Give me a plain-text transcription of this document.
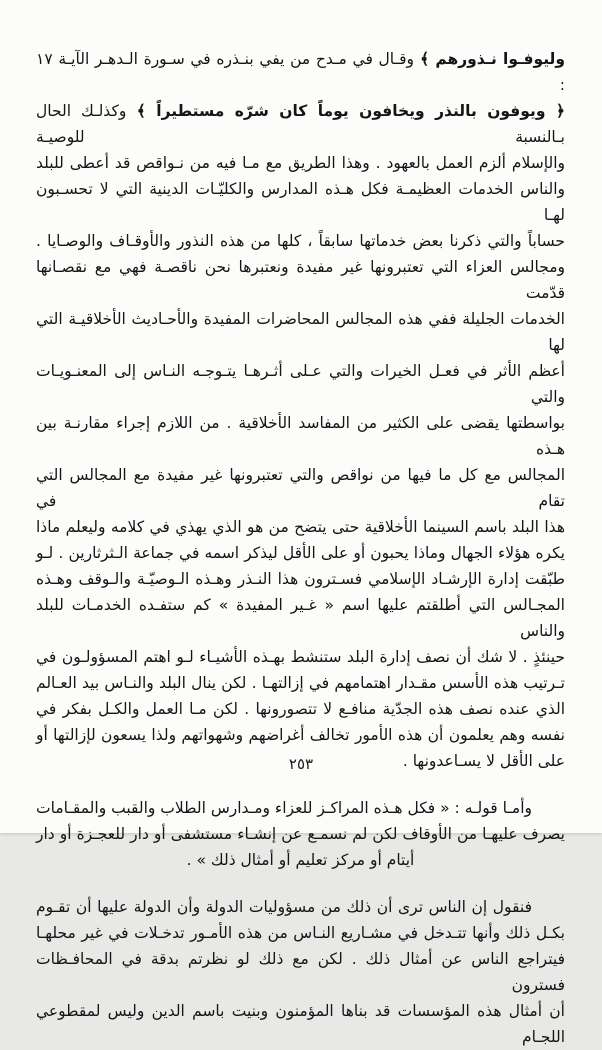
وليوفـوا نـذورهم ﴾ وقـال في مـدح من يفي بنـذره في سـورة الـدهـر الآيـة ١٧ :
﴿ ويوفون بالنذر ويخافون يوماً كان شرّه مستطيراً ﴾ وكذلـك الحال بـالنسبة للوصيـة
والإسلام ألزم العمل بالعهود . وهذا الطريق مع مـا فيه من نـواقص قد أعطى للبلد
والناس الخدمات العظيمـة فكل هـذه المدارس والكليّـات الدينية التي لا تحسـبون لهـا
حساباً والتي ذكرنا بعض خدماتها سابقاً ، كلها من هذه النذور والأوقـاف والوصـايا .
ومجالس العزاء التي تعتبرونها غير مفيدة ونعتبرها نحن ناقصـة فهي مع نقصـانها قدّمت
الخدمات الجليلة ففي هذه المجالس المحاضرات المفيدة والأحـاديث الأخلاقيـة التي لها
أعظم الأثر في فعـل الخيرات والتي عـلى أثـرهـا يتـوجـه النـاس إلى المعنـويـات والتي
بواسطتها يقضى على الكثير من المفاسد الأخلاقية . من اللازم إجراء مقارنـة بين هـذه
المجالس مع كل ما فيها من نواقص والتي تعتبرونها غير مفيدة مع المجالس التي تقام في
هذا البلد باسم السينما الأخلاقية حتى يتضح من هو الذي يهذي في كلامه وليعلم ماذا
يكره هؤلاء الجهال وماذا يحبون أو على الأقل ليذكر اسمه في جماعة الـثرثارين . لـو
طبّقت إدارة الإرشـاد الإسلامي فسـترون هذا النـذر وهـذه الـوصيّـة والـوقف وهـذه
المجـالس التي أطلقتم عليها اسم « غـير المفيدة » كم ستفـده الخدمـات للبلد والناس
حينئذٍ . لا شك أن نصف إدارة البلد ستنشط بهـذه الأشيـاء لـو اهتم المسؤولـون في
تـرتيب هذه الأسس مقـدار اهتمامهم في إزالتهـا . لكن ينال البلد والنـاس بيد العـالم
الذي عنده نصف هذه الجدّية منافـع لا تتصورونها . لكن مـا العمل والكـل بفكر في
نفسه وهم يعلمون أن هذه الأمور تخالف أغراضهم وشهواتهم ولذا يسعون لإزالتها أو
على الأقل لا يسـاعدونها .
وأمـا قولـه : « فكل هـذه المراكـز للعزاء ومـدارس الطلاب والقبب والمقـامات
يصرف عليهـا من الأوقاف لكن لم نسمـع عن إنشـاء مستشفى أو دار للعجـزة أو دار
أيتام أو مركز تعليم أو أمثال ذلك » .
فنقول إن الناس ترى أن ذلك من مسؤوليات الدولة وأن الدولة عليها أن تقـوم
بكـل ذلك وأنها تتـدخل في مشـاريع النـاس من هذه الأمـور تدخـلات في غير محلهـا
فيتراجع الناس عن أمثال ذلك . لكن مع ذلك لو نظرتم بدقة في المحافـظات فسترون
أن أمثال هذه المؤسسات قد بناها المؤمنون وبنيت باسم الدين وليس لمقطوعي اللجـام
٢٥٣
